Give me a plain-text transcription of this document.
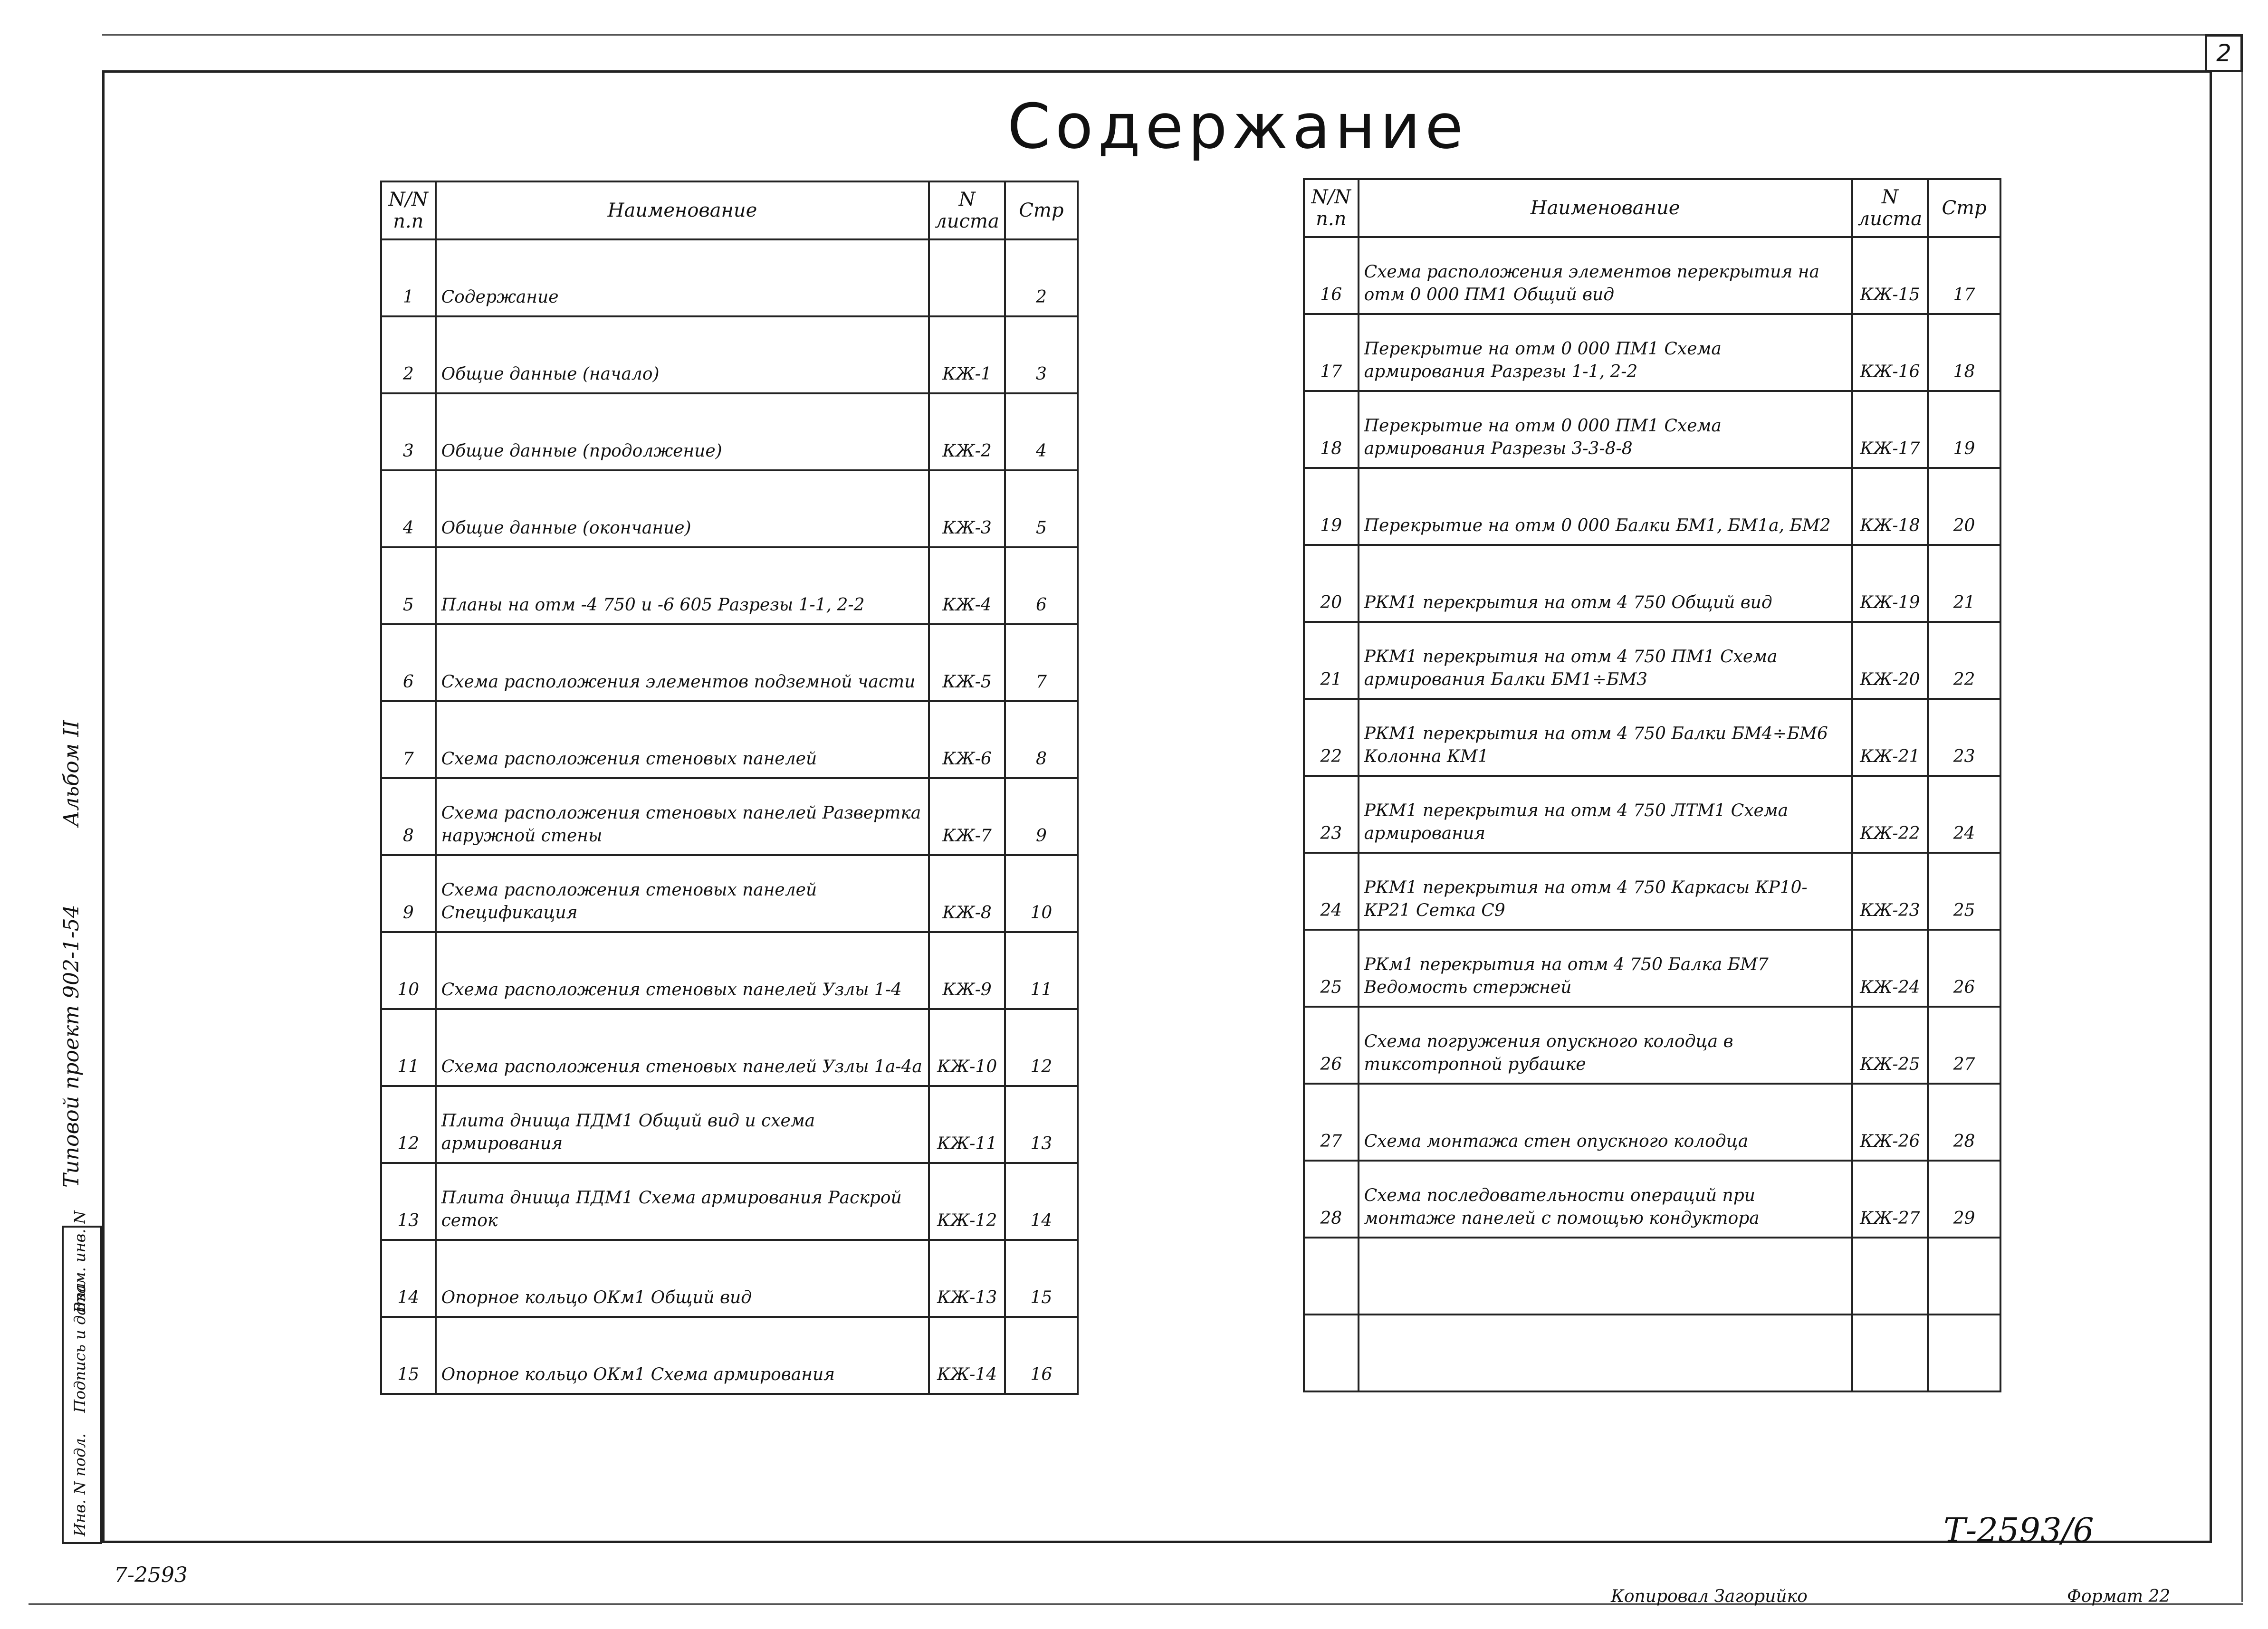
2
Содержание
N/N п.п	Наименование	N листа	Стр
1	Содержание		2
2	Общие данные (начало)	КЖ-1	3
3	Общие данные (продолжение)	КЖ-2	4
4	Общие данные (окончание)	КЖ-3	5
5	Планы на отм -4 750 и -6 605 Разрезы 1-1, 2-2	КЖ-4	6
6	Схема расположения элементов подземной части	КЖ-5	7
7	Схема расположения стеновых панелей	КЖ-6	8
8	Схема расположения стеновых панелей Развертка наружной стены	КЖ-7	9
9	Схема расположения стеновых панелей Спецификация	КЖ-8	10
10	Схема расположения стеновых панелей Узлы 1-4	КЖ-9	11
11	Схема расположения стеновых панелей Узлы 1а-4а	КЖ-10	12
12	Плита днища ПДМ1 Общий вид и схема армирования	КЖ-11	13
13	Плита днища ПДМ1 Схема армирования Раскрой сеток	КЖ-12	14
14	Опорное кольцо ОКм1 Общий вид	КЖ-13	15
15	Опорное кольцо ОКм1 Схема армирования	КЖ-14	16
N/N п.п	Наименование	N листа	Стр
16	Схема расположения элементов перекрытия на отм 0 000 ПМ1 Общий вид	КЖ-15	17
17	Перекрытие на отм 0 000 ПМ1 Схема армирования Разрезы 1-1, 2-2	КЖ-16	18
18	Перекрытие на отм 0 000 ПМ1 Схема армирования Разрезы 3-3-8-8	КЖ-17	19
19	Перекрытие на отм 0 000 Балки БМ1, БМ1а, БМ2	КЖ-18	20
20	РКМ1 перекрытия на отм 4 750 Общий вид	КЖ-19	21
21	РКМ1 перекрытия на отм 4 750 ПМ1 Схема армирования Балки БМ1÷БМ3	КЖ-20	22
22	РКМ1 перекрытия на отм 4 750 Балки БМ4÷БМ6 Колонна КМ1	КЖ-21	23
23	РКМ1 перекрытия на отм 4 750 ЛТМ1 Схема армирования	КЖ-22	24
24	РКМ1 перекрытия на отм 4 750 Каркасы КР10-КР21 Сетка С9	КЖ-23	25
25	РКм1 перекрытия на отм 4 750 Балка БМ7 Ведомость стержней	КЖ-24	26
26	Схема погружения опускного колодца в тиксотропной рубашке	КЖ-25	27
27	Схема монтажа стен опускного колодца	КЖ-26	28
28	Схема последовательности операций при монтаже панелей с помощью кондуктора	КЖ-27	29

Типовой проект 902-1-54
Альбом II
Инв. N подл.
Подпись и дата
Взам. инв. N
Т-2593/6
7-2593
Копировал Загорийко	Формат 22
